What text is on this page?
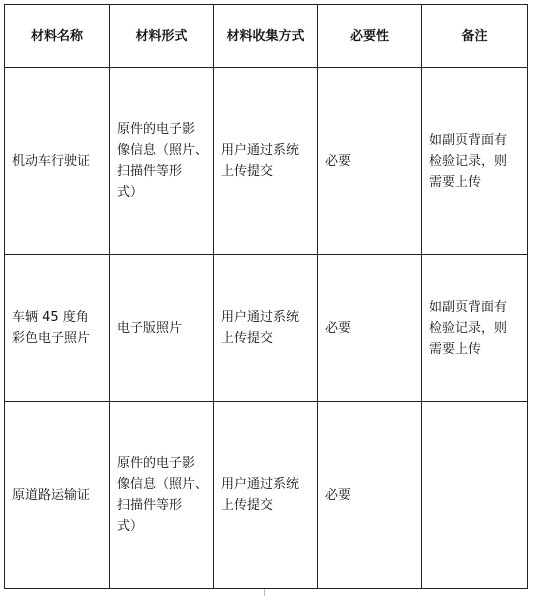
材料名称	材料形式	材料收集方式	必要性	备注

机动车行驶证	原件的电子影
像信息（照片、
扫描件等形
式）	用户通过系统
上传提交	必要	如副页背面有
检验记录，则
需要上传

车辆 45 度角
彩色电子照片	电子版照片	用户通过系统
上传提交	必要	如副页背面有
检验记录，则
需要上传

原道路运输证	原件的电子影
像信息（照片、
扫描件等形
式）	用户通过系统
上传提交	必要	
